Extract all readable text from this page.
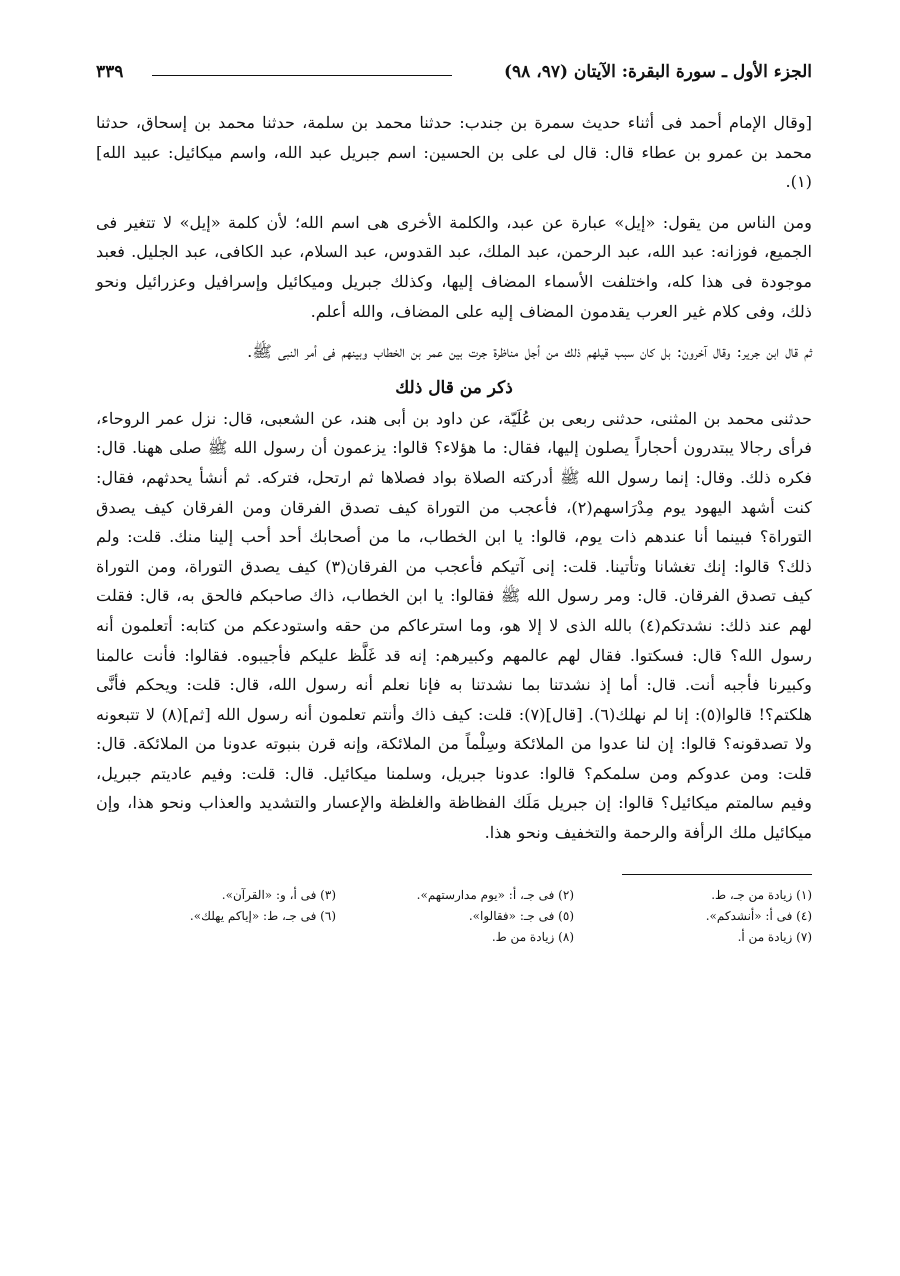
الجزء الأول ـ سورة البقرة: الآيتان (٩٧، ٩٨)
٣٣٩

[وقال الإمام أحمد فى أثناء حديث سمرة بن جندب: حدثنا محمد بن سلمة، حدثنا محمد بن إسحاق، حدثنا محمد بن عمرو بن عطاء قال: قال لى على بن الحسين: اسم جبريل عبد الله، واسم ميكائيل: عبيد الله](١).

ومن الناس من يقول: «إيل» عبارة عن عبد، والكلمة الأخرى هى اسم الله؛ لأن كلمة «إيل» لا تتغير فى الجميع، فوزانه: عبد الله، عبد الرحمن، عبد الملك، عبد القدوس، عبد السلام، عبد الكافى، عبد الجليل. فعبد موجودة فى هذا كله، واختلفت الأسماء المضاف إليها، وكذلك جبريل وميكائيل وإسرافيل وعزرائيل ونحو ذلك، وفى كلام غير العرب يقدمون المضاف إليه على المضاف، والله أعلم.

ثم قال ابن جرير: وقال آخرون: بل كان سبب قيلهم ذلك من أجل مناظرة جرت بين عمر بن الخطاب وبينهم فى أمر النبى ﷺ.

ذكر من قال ذلك

حدثنى محمد بن المثنى، حدثنى ربعى بن عُلَيّة، عن داود بن أبى هند، عن الشعبى، قال: نزل عمر الروحاء، فرأى رجالا يبتدرون أحجاراً يصلون إليها، فقال: ما هؤلاء؟ قالوا: يزعمون أن رسول الله ﷺ صلى ههنا. قال: فكره ذلك. وقال: إنما رسول الله ﷺ أدركته الصلاة بواد فصلاها ثم ارتحل، فتركه. ثم أنشأ يحدثهم، فقال: كنت أشهد اليهود يوم مِدْرَاسهم(٢)، فأعجب من التوراة كيف تصدق الفرقان ومن الفرقان كيف يصدق التوراة؟ فبينما أنا عندهم ذات يوم، قالوا: يا ابن الخطاب، ما من أصحابك أحد أحب إلينا منك. قلت: ولم ذلك؟ قالوا: إنك تغشانا وتأتينا. قلت: إنى آتيكم فأعجب من الفرقان(٣) كيف يصدق التوراة، ومن التوراة كيف تصدق الفرقان. قال: ومر رسول الله ﷺ فقالوا: يا ابن الخطاب، ذاك صاحبكم فالحق به، قال: فقلت لهم عند ذلك: نشدتكم(٤) بالله الذى لا إلا هو، وما استرعاكم من حقه واستودعكم من كتابه: أتعلمون أنه رسول الله؟ قال: فسكتوا. فقال لهم عالمهم وكبيرهم: إنه قد غَلَّظ عليكم فأجيبوه. فقالوا: فأنت عالمنا وكبيرنا فأجبه أنت. قال: أما إذ نشدتنا بما نشدتنا به فإنا نعلم أنه رسول الله، قال: قلت: ويحكم فأنَّى هلكتم؟! قالوا(٥): إنا لم نهلك(٦). [قال](٧): قلت: كيف ذاك وأنتم تعلمون أنه رسول الله [ثم](٨) لا تتبعونه ولا تصدقونه؟ قالوا: إن لنا عدوا من الملائكة وسِلْماً من الملائكة، وإنه قرن بنبوته عدونا من الملائكة. قال: قلت: ومن عدوكم ومن سلمكم؟ قالوا: عدونا جبريل، وسلمنا ميكائيل. قال: قلت: وفيم عاديتم جبريل، وفيم سالمتم ميكائيل؟ قالوا: إن جبريل مَلَك الفظاظة والغلظة والإعسار والتشديد والعذاب ونحو هذا، وإن ميكائيل ملك الرأفة والرحمة والتخفيف ونحو هذا.

(١) زيادة من جـ، ط.
(٢) فى جـ، أ: «يوم مدارستهم».
(٣) فى أ، و: «القرآن».
(٤) فى أ: «أنشدكم».
(٥) فى جـ: «فقالوا».
(٦) فى جـ، ط: «إياكم يهلك».
(٧) زيادة من أ.
(٨) زيادة من ط.
